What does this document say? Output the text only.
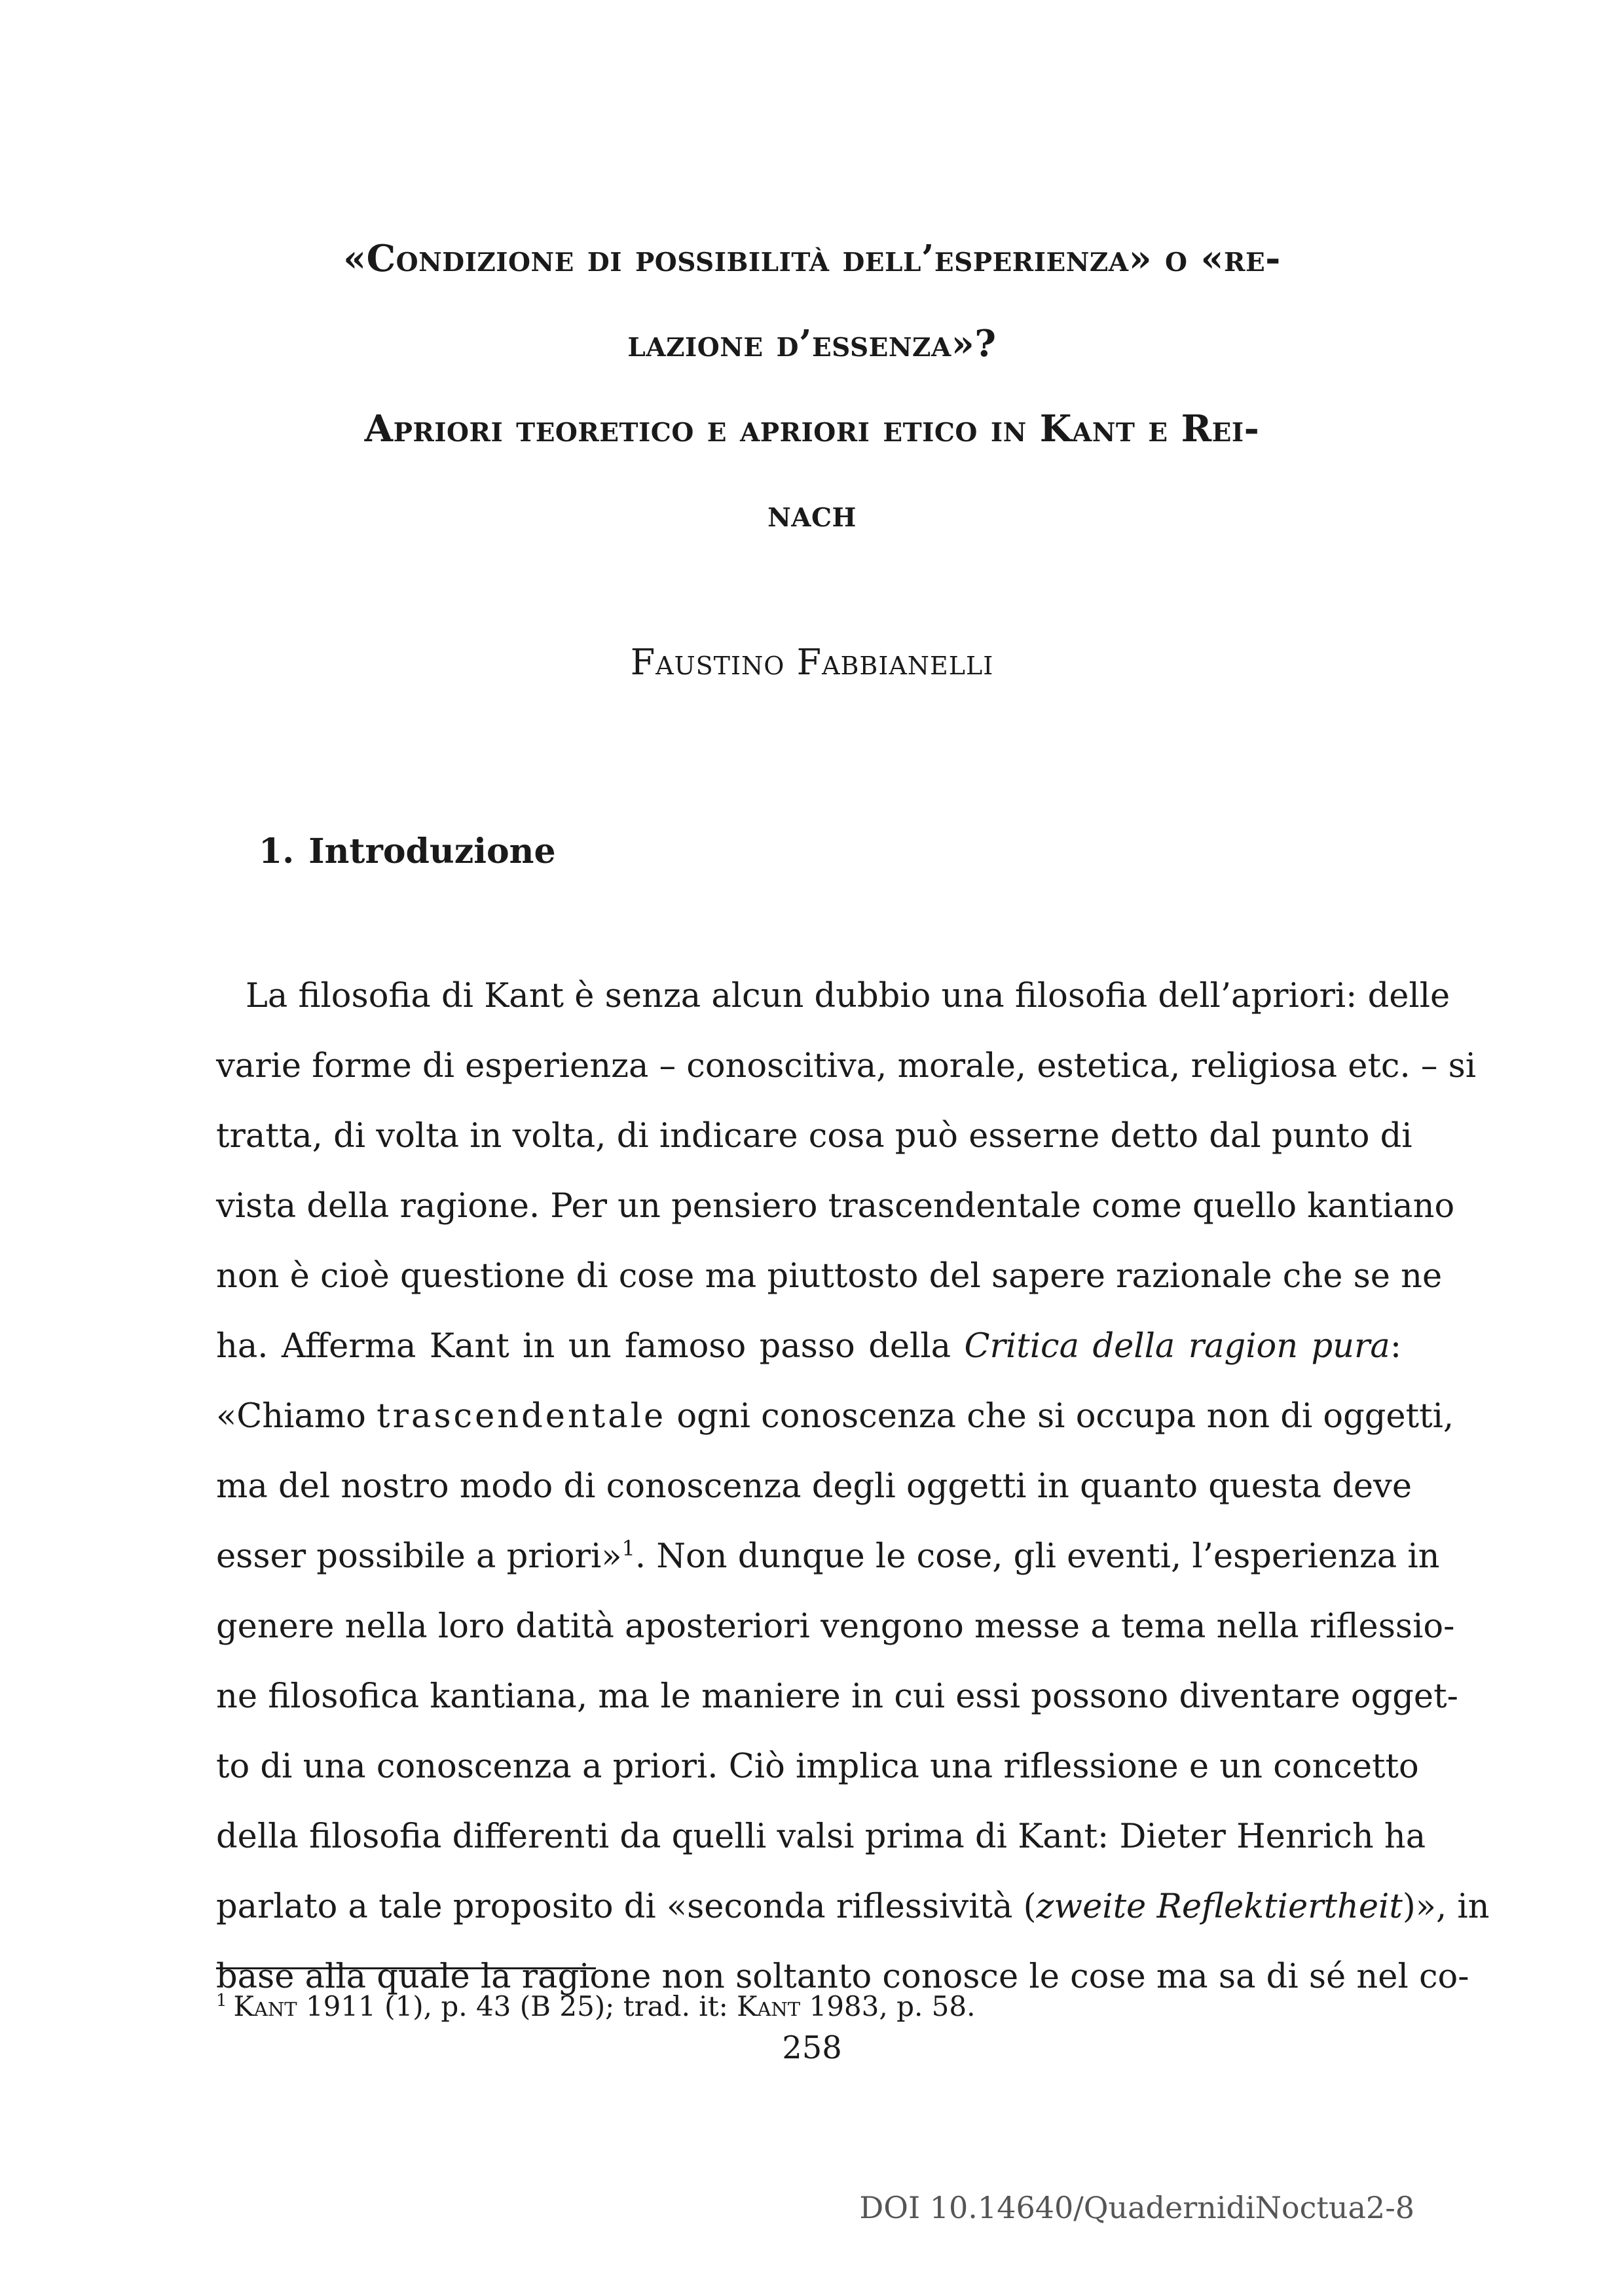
«Condizione di possibilità dell’esperienza» o «re-
lazione d’essenza»?
Apriori teoretico e apriori etico in Kant e Rei-
nach
Faustino Fabbianelli
1. Introduzione
La filosofia di Kant è senza alcun dubbio una filosofia dell’apriori: delle
varie forme di esperienza – conoscitiva, morale, estetica, religiosa etc. – si
tratta, di volta in volta, di indicare cosa può esserne detto dal punto di
vista della ragione. Per un pensiero trascendentale come quello kantiano
non è cioè questione di cose ma piuttosto del sapere razionale che se ne
ha. Afferma Kant in un famoso passo della Critica della ragion pura:
«Chiamo trascendentale ogni conoscenza che si occupa non di oggetti,
ma del nostro modo di conoscenza degli oggetti in quanto questa deve
esser possibile a priori»$^1$. Non dunque le cose, gli eventi, l’esperienza in
genere nella loro datità aposteriori vengono messe a tema nella riflessio-
ne filosofica kantiana, ma le maniere in cui essi possono diventare ogget-
to di una conoscenza a priori. Ciò implica una riflessione e un concetto
della filosofia differenti da quelli valsi prima di Kant: Dieter Henrich ha
parlato a tale proposito di «seconda riflessività (zweite Reflektiertheit)», in
base alla quale la ragione non soltanto conosce le cose ma sa di sé nel co-
$^1$ Kant 1911 (1), p. 43 (B 25); trad. it: Kant 1983, p. 58.
258
DOI 10.14640/QuadernidiNoctua2-8
